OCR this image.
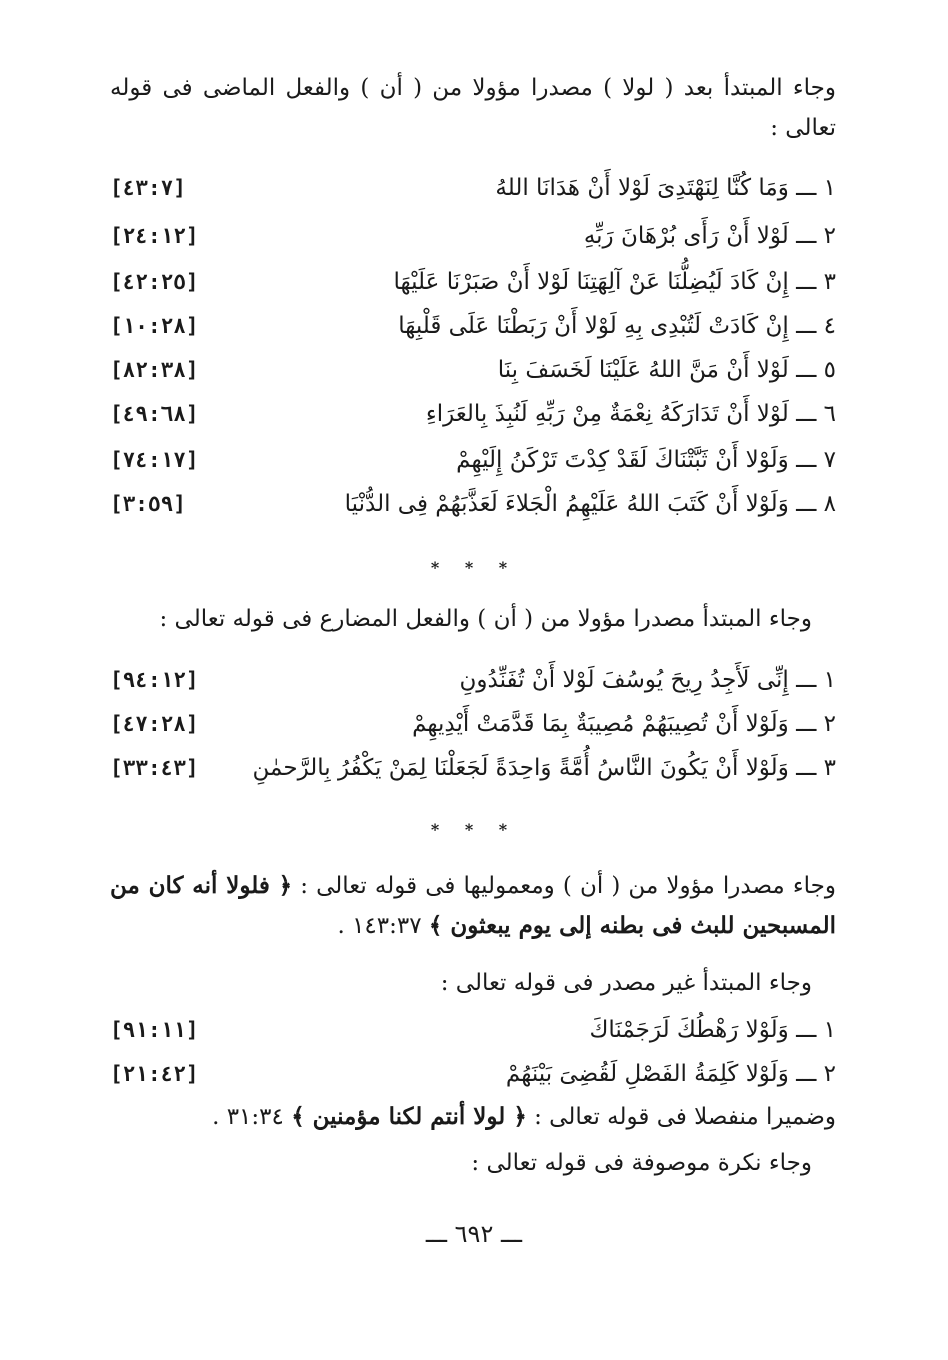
وجاء المبتدأ بعد ( لولا ) مصدرا مؤولا من ( أن ) والفعل الماضى فى قوله تعالى :
١ ـــ وَمَا كُنَّا لِنَهْتَدِىَ لَوْلا أَنْ هَدَانَا اللهُ
[٤٣:٧]
٢ ـــ لَوْلا أَنْ رَأَى بُرْهَانَ رَبِّهِ
[٢٤:١٢]
٣ ـــ إِنْ كَادَ لَيُضِلُّنَا عَنْ آلِهَتِنَا لَوْلا أَنْ صَبَرْنَا عَلَيْهَا
[٤٢:٢٥]
٤ ـــ إِنْ كَادَتْ لَتُبْدِى بِهِ لَوْلا أَنْ رَبَطْنَا عَلَى قَلْبِهَا
[١٠:٢٨]
٥ ـــ لَوْلا أَنْ مَنَّ اللهُ عَلَيْنَا لَخَسَفَ بِنَا
[٨٢:٣٨]
٦ ـــ لَوْلا أَنْ تَدَارَكَهُ نِعْمَةٌ مِنْ رَبِّهِ لَنُبِذَ بِالعَرَاءِ
[٤٩:٦٨]
٧ ـــ وَلَوْلا أَنْ ثَبَّتْنَاكَ لَقَدْ كِدْتَ تَرْكَنُ إِلَيْهِمْ
[٧٤:١٧]
٨ ـــ وَلَوْلا أَنْ كَتَبَ اللهُ عَلَيْهِمُ الْجَلاءَ لَعَذَّبَهُمْ فِى الدُّنْيَا
[٣:٥٩]
* * *
وجاء المبتدأ مصدرا مؤولا من ( أن ) والفعل المضارع فى قوله تعالى :
١ ـــ إِنِّى لَأَجِدُ رِيحَ يُوسُفَ لَوْلا أَنْ تُفَنِّدُونِ
[٩٤:١٢]
٢ ـــ وَلَوْلا أَنْ تُصِيبَهُمْ مُصِيبَةٌ بِمَا قَدَّمَتْ أَيْدِيهِمْ
[٤٧:٢٨]
٣ ـــ وَلَوْلا أَنْ يَكُونَ النَّاسُ أُمَّةً وَاحِدَةً لَجَعَلْنَا لِمَنْ يَكْفُرُ بِالرَّحمٰنِ
[٣٣:٤٣]
* * *
وجاء مصدرا مؤولا من ( أن ) ومعموليها فى قوله تعالى : ﴿ فلولا أنه كان من المسبحين للبث فى بطنه إلى يوم يبعثون ﴾ ١٤٣:٣٧ .
وجاء المبتدأ غير مصدر فى قوله تعالى :
١ ـــ وَلَوْلا رَهْطُكَ لَرَجَمْنَاكَ
[٩١:١١]
٢ ـــ وَلَوْلا كَلِمَةُ الفَصْلِ لَقُضِىَ بَيْنَهُمْ
[٢١:٤٢]
وضميرا منفصلا فى قوله تعالى : ﴿ لولا أنتم لكنا مؤمنين ﴾ ٣١:٣٤ .
وجاء نكرة موصوفة فى قوله تعالى :
ـــ ٦٩٢ ـــ
